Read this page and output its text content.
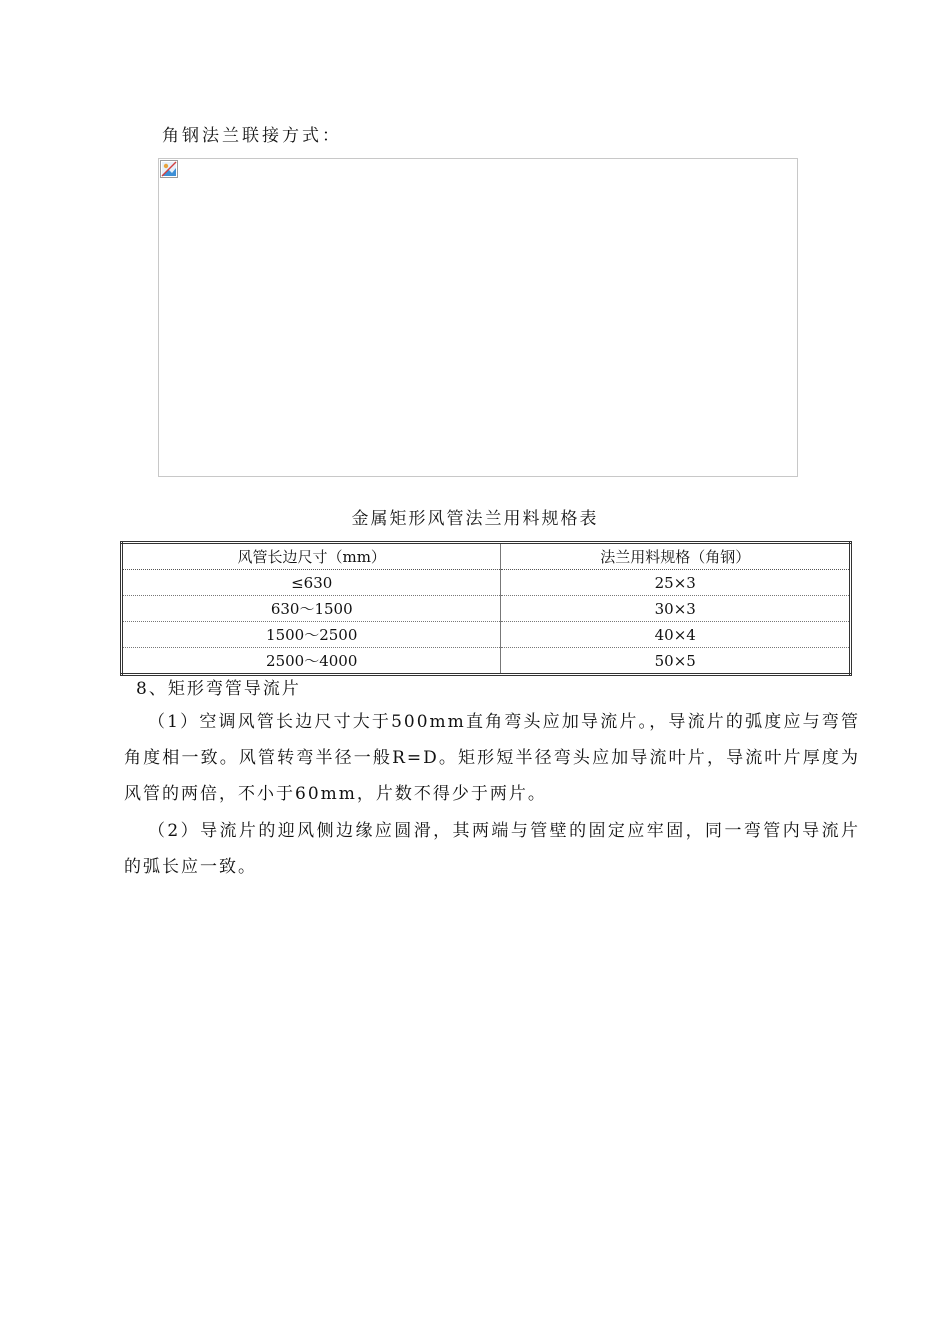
角钢法兰联接方式：
金属矩形风管法兰用料规格表
风管长边尺寸（mm）	法兰用料规格（角钢）
≤630	25×3
630～1500	30×3
1500～2500	40×4
2500～4000	50×5
8、矩形弯管导流片

（1）空调风管长边尺寸大于500mm直角弯头应加导流片。，导流片的弧度应与弯管角度相一致。风管转弯半径一般R=D。矩形短半径弯头应加导流叶片，导流叶片厚度为风管的两倍，不小于60mm，片数不得少于两片。

（2）导流片的迎风侧边缘应圆滑，其两端与管壁的固定应牢固，同一弯管内导流片的弧长应一致。
